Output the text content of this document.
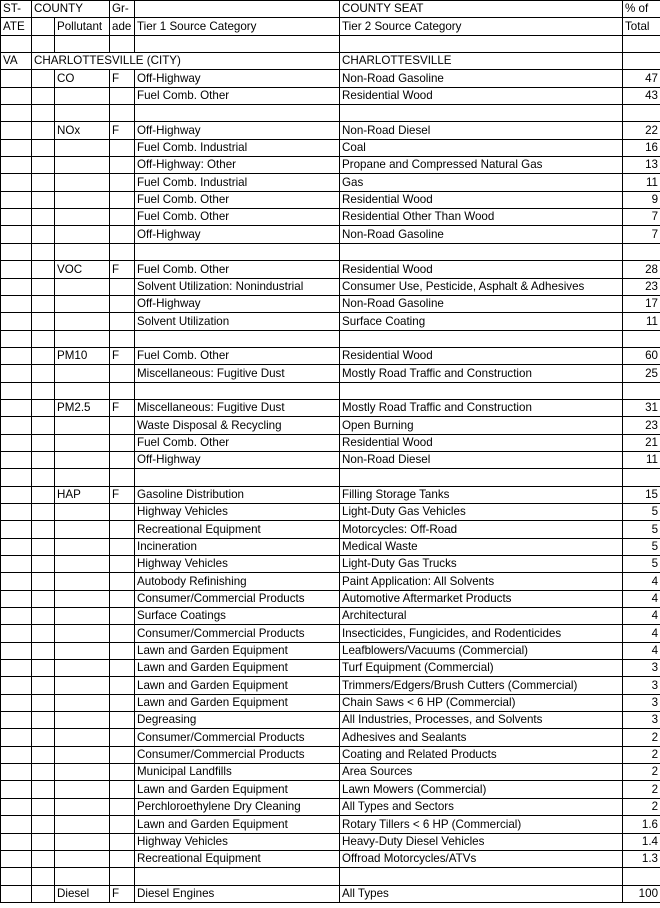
ST-	COUNTY		Gr-		COUNTY SEAT	% of
ATE		Pollutant	ade	Tier 1 Source Category	Tier 2 Source Category	Total

VA	CHARLOTTESVILLE (CITY)				CHARLOTTESVILLE	
		CO	F	Off-Highway	Non-Road Gasoline	47
				Fuel Comb. Other	Residential Wood	43

		NOx	F	Off-Highway	Non-Road Diesel	22
				Fuel Comb. Industrial	Coal	16
				Off-Highway: Other	Propane and Compressed Natural Gas	13
				Fuel Comb. Industrial	Gas	11
				Fuel Comb. Other	Residential Wood	9
				Fuel Comb. Other	Residential Other Than Wood	7
				Off-Highway	Non-Road Gasoline	7

		VOC	F	Fuel Comb. Other	Residential Wood	28
				Solvent Utilization: Nonindustrial	Consumer Use, Pesticide, Asphalt & Adhesives	23
				Off-Highway	Non-Road Gasoline	17
				Solvent Utilization	Surface Coating	11

		PM10	F	Fuel Comb. Other	Residential Wood	60
				Miscellaneous: Fugitive Dust	Mostly Road Traffic and Construction	25

		PM2.5	F	Miscellaneous: Fugitive Dust	Mostly Road Traffic and Construction	31
				Waste Disposal & Recycling	Open Burning	23
				Fuel Comb. Other	Residential Wood	21
				Off-Highway	Non-Road Diesel	11

		HAP	F	Gasoline Distribution	Filling Storage Tanks	15
				Highway Vehicles	Light-Duty Gas Vehicles	5
				Recreational Equipment	Motorcycles: Off-Road	5
				Incineration	Medical Waste	5
				Highway Vehicles	Light-Duty Gas Trucks	5
				Autobody Refinishing	Paint Application: All Solvents	4
				Consumer/Commercial Products	Automotive Aftermarket Products	4
				Surface Coatings	Architectural	4
				Consumer/Commercial Products	Insecticides, Fungicides, and Rodenticides	4
				Lawn and Garden Equipment	Leafblowers/Vacuums (Commercial)	4
				Lawn and Garden Equipment	Turf Equipment (Commercial)	3
				Lawn and Garden Equipment	Trimmers/Edgers/Brush Cutters (Commercial)	3
				Lawn and Garden Equipment	Chain Saws < 6 HP (Commercial)	3
				Degreasing	All Industries, Processes, and Solvents	3
				Consumer/Commercial Products	Adhesives and Sealants	2
				Consumer/Commercial Products	Coating and Related Products	2
				Municipal Landfills	Area Sources	2
				Lawn and Garden Equipment	Lawn Mowers (Commercial)	2
				Perchloroethylene Dry Cleaning	All Types and Sectors	2
				Lawn and Garden Equipment	Rotary Tillers < 6 HP (Commercial)	1.6
				Highway Vehicles	Heavy-Duty Diesel Vehicles	1.4
				Recreational Equipment	Offroad Motorcycles/ATVs	1.3

		Diesel	F	Diesel Engines	All Types	100
